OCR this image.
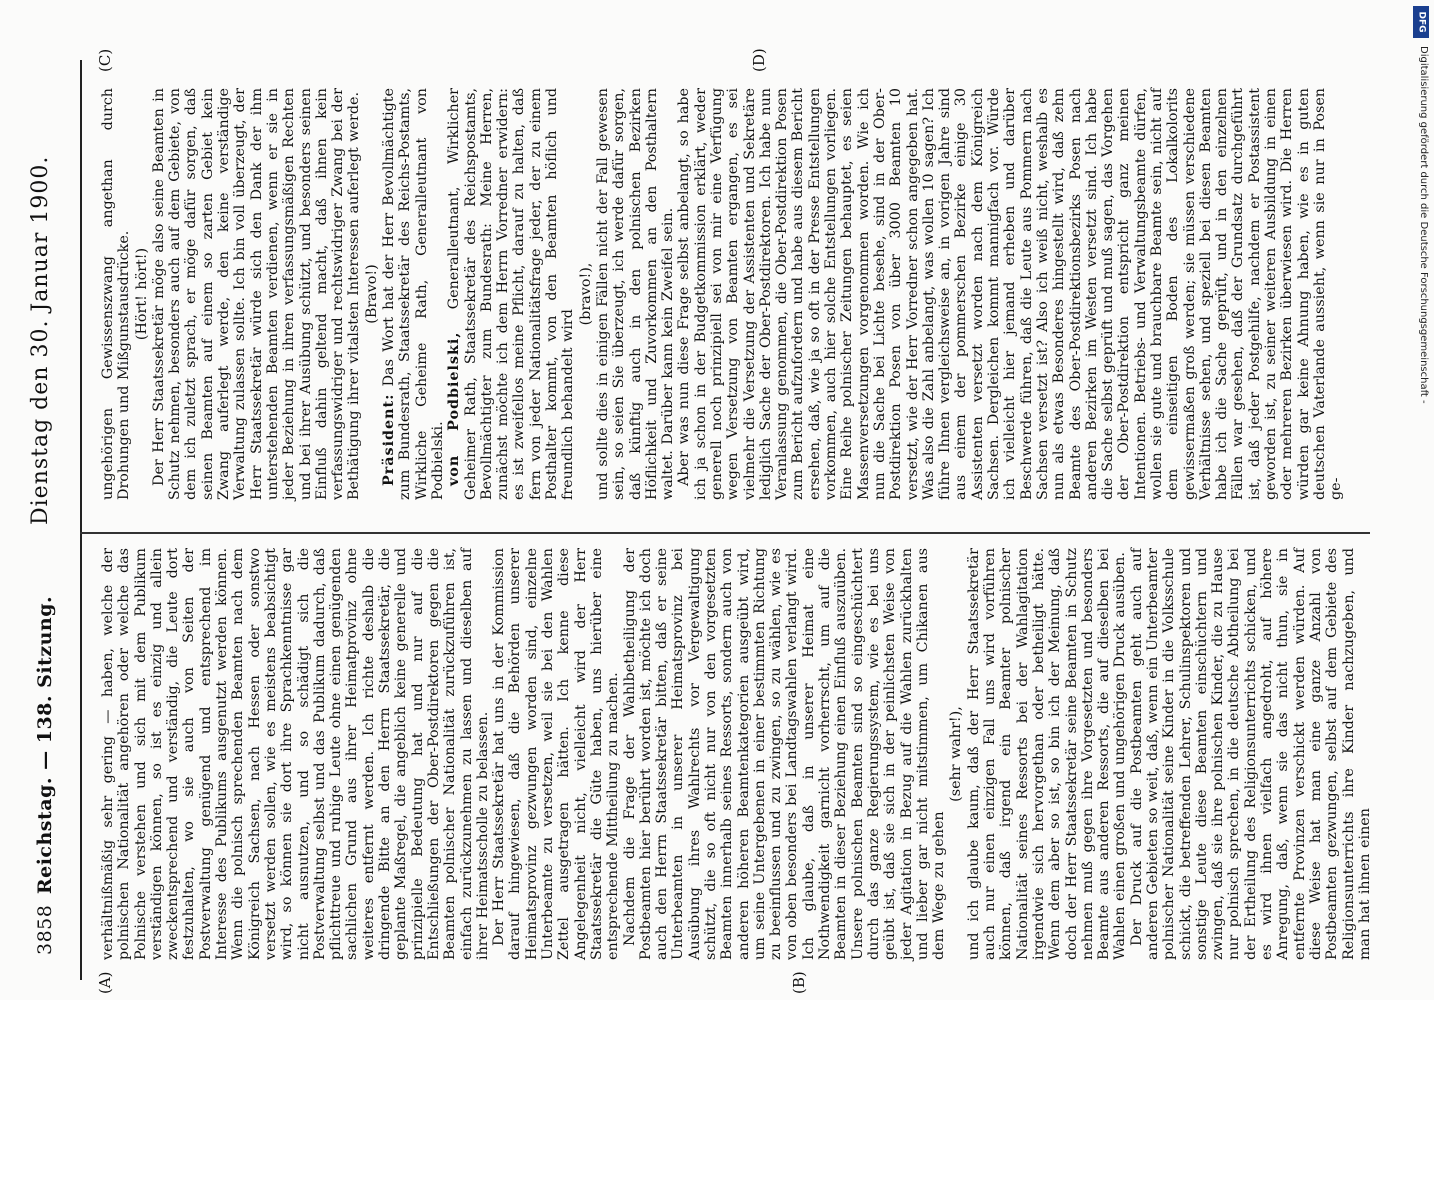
3858
Reichstag. — 138. Sitzung.
Dienstag den 30. Januar 1900.
(A)	(B)
(C)	(D)

verhältnißmäßig sehr gering — haben, welche der polnischen Nationalität angehören oder welche das Polnische verstehen und sich mit dem Publikum verständigen können, so ist es einzig und allein zweckentsprechend und verständig, die Leute dort festzuhalten, wo sie auch von Seiten der Postverwaltung genügend und entsprechend im Interesse des Publikums ausgenutzt werden können. Wenn die polnisch sprechenden Beamten nach dem Königreich Sachsen, nach Hessen oder sonstwo versetzt werden sollen, wie es meistens beabsichtigt wird, so können sie dort ihre Sprachkenntnisse gar nicht ausnutzen, und so schädigt sich die Postverwaltung selbst und das Publikum dadurch, daß pflichttreue und ruhige Leute ohne einen genügenden sachlichen Grund aus ihrer Heimatprovinz ohne weiteres entfernt werden. Ich richte deshalb die dringende Bitte an den Herrn Staatssekretär, die geplante Maßregel, die angeblich keine generelle und prinzipielle Bedeutung hat und nur auf die Entschließungen der Ober-Postdirektoren gegen die Beamten polnischer Nationalität zurückzuführen ist, einfach zurückzunehmen zu lassen und dieselben auf ihrer Heimatsscholle zu belassen. Der Herr Staatssekretär hat uns in der Kommission darauf hingewiesen, daß die Behörden unserer Heimatsprovinz gezwungen worden sind, einzelne Unterbeamte zu versetzen, weil sie bei den Wahlen Zettel ausgetragen hätten. Ich kenne diese Angelegenheit nicht, vielleicht wird der Herr Staatssekretär die Güte haben, uns hierüber eine entsprechende Mittheilung zu machen. Nachdem die Frage der Wahlbetheiligung der Postbeamten hier berührt worden ist, möchte ich doch auch den Herrn Staatssekretär bitten, daß er seine Unterbeamten in unserer Heimatsprovinz bei Ausübung ihres Wahlrechts vor Vergewaltigung schützt, die so oft nicht nur von den vorgesetzten Beamten innerhalb seines Ressorts, sondern auch von anderen höheren Beamtenkategorien ausgeübt wird, um seine Untergebenen in einer bestimmten Richtung zu beeinflussen und zu zwingen, so zu wählen, wie es von oben besonders bei Landtagswahlen verlangt wird. Ich glaube, daß in unserer Heimat eine Nothwendigkeit garnicht vorherrscht, um auf die Beamten in dieser Beziehung einen Einfluß auszuüben. Unsere polnischen Beamten sind so eingeschüchtert durch das ganze Regierungssystem, wie es bei uns geübt ist, daß sie sich in der peinlichsten Weise von jeder Agitation in Bezug auf die Wahlen zurückhalten und lieber gar nicht mitstimmen, um Chikanen aus dem Wege zu gehen

(sehr wahr!), und ich glaube kaum, daß der Herr Staatssekretär auch nur einen einzigen Fall uns wird vorführen können, daß irgend ein Beamter polnischer Nationalität seines Ressorts bei der Wahlagitation irgendwie sich hervorgethan oder betheiligt hätte. Wenn dem aber so ist, so bin ich der Meinung, daß doch der Herr Staatssekretär seine Beamten in Schutz nehmen muß gegen ihre Vorgesetzten und besonders Beamte aus anderen Ressorts, die auf dieselben bei Wahlen einen großen und ungehörigen Druck ausüben. Der Druck auf die Postbeamten geht auch auf anderen Gebieten so weit, daß, wenn ein Unterbeamter polnischer Nationalität seine Kinder in die Volksschule schickt, die betreffenden Lehrer, Schulinspektoren und sonstige Leute diese Beamten einschüchtern und zwingen, daß sie ihre polnischen Kinder, die zu Hause nur polnisch sprechen, in die deutsche Abtheilung bei der Ertheilung des Religionsunterrichts schicken, und es wird ihnen vielfach angedroht, auf höhere Anregung, daß, wenn sie das nicht thun, sie in entfernte Provinzen verschickt werden würden. Auf diese Weise hat man eine ganze Anzahl von Postbeamten gezwungen, selbst auf dem Gebiete des Religionsunterrichts ihre Kinder nachzugeben, und man hat ihnen einen

ungehörigen Gewissenszwang angethan durch Drohungen und Mißgunstausdrücke. (Hört! hört!) Der Herr Staatssekretär möge also seine Beamten in Schutz nehmen, besonders auch auf dem Gebiete, von dem ich zuletzt sprach, er möge dafür sorgen, daß seinen Beamten auf einem so zarten Gebiet kein Zwang auferlegt werde, den keine verständige Verwaltung zulassen sollte. Ich bin voll überzeugt, der Herr Staatssekretär würde sich den Dank der ihm unterstehenden Beamten verdienen, wenn er sie in jeder Beziehung in ihren verfassungsmäßigen Rechten und bei ihrer Ausübung schützt, und besonders seinen Einfluß dahin geltend macht, daß ihnen kein verfassungswidriger und rechtswidriger Zwang bei der Bethätigung ihrer vitalsten Interessen auferlegt werde. (Bravo!)

Präsident: Das Wort hat der Herr Bevollmächtigte zum Bundesrath, Staatssekretär des Reichs-Postamts, Wirkliche Geheime Rath, Generalleutnant von Podbielski. von Podbielski, Generalleutnant, Wirklicher Geheimer Rath, Staatssekretär des Reichspostamts, Bevollmächtigter zum Bundesrath: Meine Herren, zunächst möchte ich dem Herrn Vorredner erwidern: es ist zweifellos meine Pflicht, darauf zu halten, daß fern von jeder Nationalitätsfrage jeder, der zu einem Posthalter kommt, von den Beamten höflich und freundlich behandelt wird

(bravo!), und sollte dies in einigen Fällen nicht der Fall gewesen sein, so seien Sie überzeugt, ich werde dafür sorgen, daß künftig auch in den polnischen Bezirken Höflichkeit und Zuvorkommen an den Posthaltern waltet. Darüber kann kein Zweifel sein. Aber was nun diese Frage selbst anbelangt, so habe ich ja schon in der Budgetkommission erklärt, weder generell noch prinzipiell sei von mir eine Verfügung wegen Versetzung von Beamten ergangen, es sei vielmehr die Versetzung der Assistenten und Sekretäre lediglich Sache der Ober-Postdirektoren. Ich habe nun Veranlassung genommen, die Ober-Postdirektion Posen zum Bericht aufzufordern und habe aus diesem Bericht ersehen, daß, wie ja so oft in der Presse Entstellungen vorkommen, auch hier solche Entstellungen vorliegen. Eine Reihe polnischer Zeitungen behauptet, es seien Massenversetzungen vorgenommen worden. Wie ich nun die Sache bei Lichte besehe, sind in der Ober-Postdirektion Posen von über 3000 Beamten 10 versetzt, wie der Herr Vorredner schon angegeben hat. Was also die Zahl anbelangt, was wollen 10 sagen? Ich führe Ihnen vergleichsweise an, in vorigen Jahre sind aus einem der pommerschen Bezirke einige 30 Assistenten versetzt worden nach dem Königreich Sachsen. Dergleichen kommt mannigfach vor. Würde ich vielleicht hier jemand erheben und darüber Beschwerde führen, daß die Leute aus Pommern nach Sachsen versetzt ist? Also ich weiß nicht, weshalb es nun als etwas Besonderes hingestellt wird, daß zehn Beamte des Ober-Postdirektionsbezirks Posen nach anderen Bezirken im Westen versetzt sind. Ich habe die Sache selbst geprüft und muß sagen, das Vorgehen der Ober-Postdirektion entspricht ganz meinen Intentionen. Betriebs- und Verwaltungsbeamte dürfen, wollen sie gute und brauchbare Beamte sein, nicht auf dem einseitigen Boden des Lokalkolorits gewissermaßen groß werden; sie müssen verschiedene Verhältnisse sehen, und speziell bei diesen Beamten habe ich die Sache geprüft, und in den einzelnen Fällen war gesehen, daß der Grundsatz durchgeführt ist, daß jeder Postgehilfe, nachdem er Postassistent geworden ist, zu seiner weiteren Ausbildung in einen oder mehreren Bezirken überwiesen wird. Die Herren würden gar keine Ahnung haben, wie es in guten deutschen Vaterlande aussieht, wenn sie nur in Posen ge-

DFG
Digitalisierung gefördert durch die Deutsche Forschungsgemeinschaft -
